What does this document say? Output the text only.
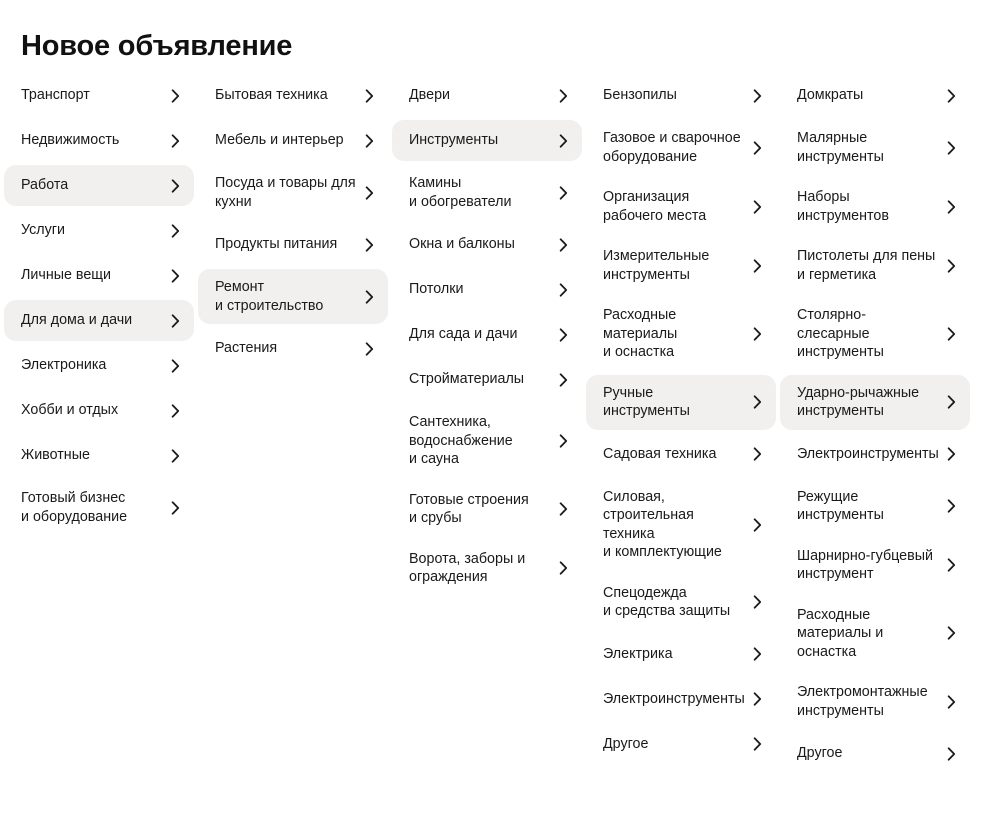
Новое объявление
Транспорт
Недвижимость
Работа
Услуги
Личные вещи
Для дома и дачи
Электроника
Хобби и отдых
Животные
Готовый бизнес
и оборудование
Бытовая техника
Мебель и интерьер
Посуда и товары для
кухни
Продукты питания
Ремонт
и строительство
Растения
Двери
Инструменты
Камины
и обогреватели
Окна и балконы
Потолки
Для сада и дачи
Стройматериалы
Сантехника,
водоснабжение
и сауна
Готовые строения
и срубы
Ворота, заборы и
ограждения
Бензопилы
Газовое и сварочное
оборудование
Организация
рабочего места
Измерительные
инструменты
Расходные
материалы
и оснастка
Ручные инструменты
Садовая техника
Силовая,
строительная техника
и комплектующие
Спецодежда
и средства защиты
Электрика
Электроинструменты
Другое
Домкраты
Малярные
инструменты
Наборы
инструментов
Пистолеты для пены
и герметика
Столярно-слесарные
инструменты
Ударно-рычажные
инструменты
Электроинструменты
Режущие
инструменты
Шарнирно-губцевый
инструмент
Расходные
материалы и
оснастка
Электромонтажные
инструменты
Другое
